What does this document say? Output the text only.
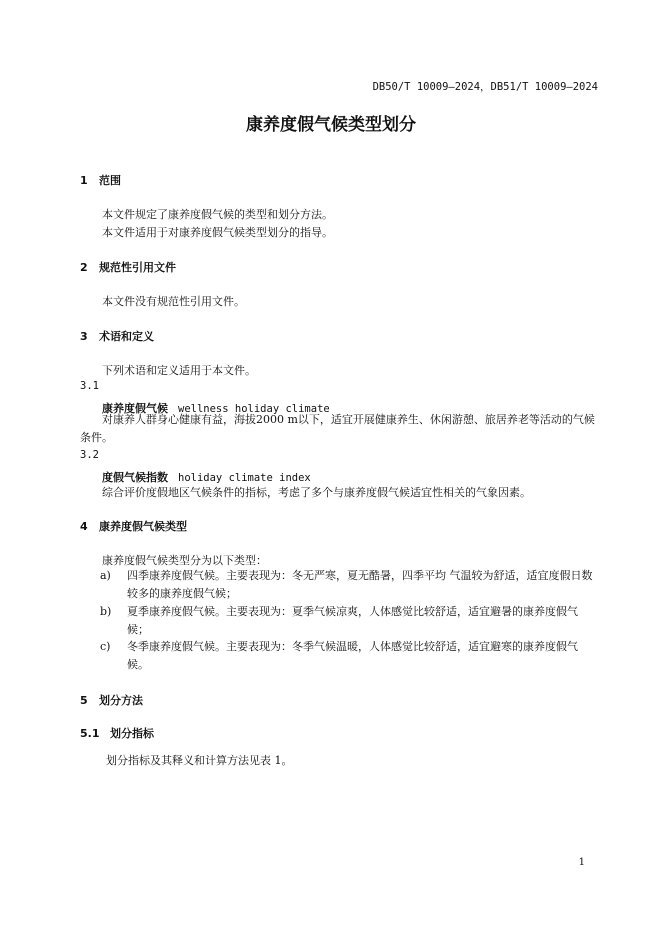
DB50/T 10009—2024，DB51/T 10009—2024
康养度假气候类型划分
1 范围
本文件规定了康养度假气候的类型和划分方法。
本文件适用于对康养度假气候类型划分的指导。
2 规范性引用文件
本文件没有规范性引用文件。
3 术语和定义
下列术语和定义适用于本文件。
3.1
康养度假气候 wellness holiday climate
对康养人群身心健康有益，海拔2000 m以下，适宜开展健康养生、休闲游憩、旅居养老等活动的气候条件。
3.2
度假气候指数 holiday climate index
综合评价度假地区气候条件的指标，考虑了多个与康养度假气候适宜性相关的气象因素。
4 康养度假气候类型
康养度假气候类型分为以下类型：
a) 四季康养度假气候。主要表现为：冬无严寒，夏无酷暑，四季平均 气温较为舒适，适宜度假日数较多的康养度假气候；
b) 夏季康养度假气候。主要表现为：夏季气候凉爽，人体感觉比较舒适，适宜避暑的康养度假气候；
c) 冬季康养度假气候。主要表现为：冬季气候温暖，人体感觉比较舒适，适宜避寒的康养度假气候。
5 划分方法
5.1 划分指标
划分指标及其释义和计算方法见表 1。
1
